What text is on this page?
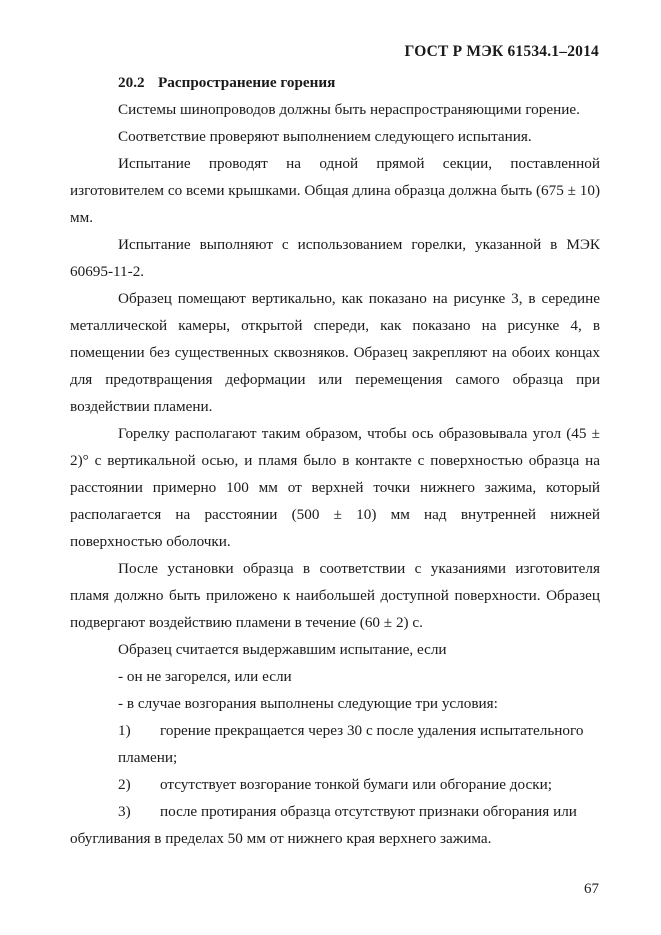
ГОСТ Р МЭК 61534.1–2014
20.2 Распространение горения

Системы шинопроводов должны быть нераспространяющими горение.

Соответствие проверяют выполнением следующего испытания.

Испытание проводят на одной прямой секции, поставленной изготовителем со всеми крышками. Общая длина образца должна быть (675 ± 10) мм.

Испытание выполняют с использованием горелки, указанной в МЭК 60695-11-2.

Образец помещают вертикально, как показано на рисунке 3, в середине металлической камеры, открытой спереди, как показано на рисунке 4, в помещении без существенных сквозняков. Образец закрепляют на обоих концах для предотвращения деформации или перемещения самого образца при воздействии пламени.

Горелку располагают таким образом, чтобы ось образовывала угол (45 ± 2)° с вертикальной осью, и пламя было в контакте с поверхностью образца на расстоянии примерно 100 мм от верхней точки нижнего зажима, который располагается на расстоянии (500 ± 10) мм над внутренней нижней поверхностью оболочки.

После установки образца в соответствии с указаниями изготовителя пламя должно быть приложено к наибольшей доступной поверхности. Образец подвергают воздействию пламени в течение (60 ± 2) с.

Образец считается выдержавшим испытание, если

- он не загорелся, или если
- в случае возгорания выполнены следующие три условия:
1)	горение прекращается через 30 с после удаления испытательного
пламени;
2)	отсутствует возгорание тонкой бумаги или обгорание доски;
3)	после протирания образца отсутствуют признаки обгорания или
обугливания в пределах 50 мм от нижнего края верхнего зажима.
67
